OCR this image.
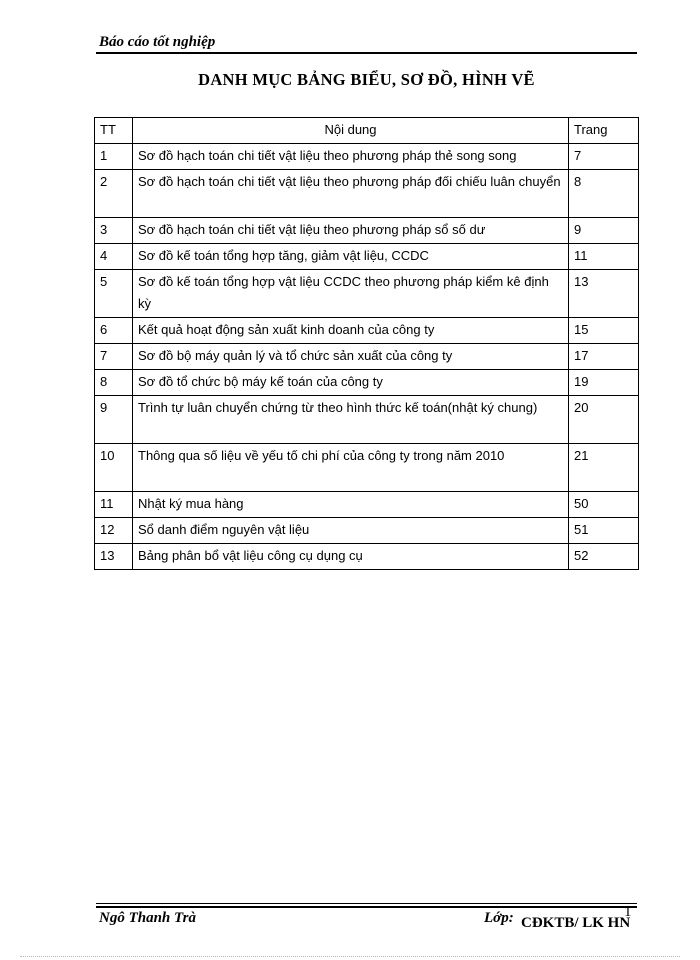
Báo cáo tốt nghiệp
DANH MỤC BẢNG BIỂU, SƠ ĐỒ, HÌNH VẼ
TT	Nội dung	Trang
1	Sơ đồ hạch toán chi tiết vật liệu theo phương pháp thẻ song song	7
2	Sơ đồ hạch toán chi tiết vật liệu theo phương pháp đối chiếu luân chuyển	8
3	Sơ đồ hạch toán chi tiết vật liệu theo phương pháp sổ số dư	9
4	Sơ đồ kế toán tổng hợp tăng, giảm vật liệu, CCDC	11
5	Sơ đồ kế toán tổng hợp vật liệu CCDC theo phương pháp kiểm kê định kỳ	13
6	Kết quả hoạt động sản xuất kinh doanh của công ty	15
7	Sơ đồ bộ máy quản lý và tổ chức sản xuất của công ty	17
8	Sơ đồ tổ chức bộ máy kế toán của công ty	19
9	Trình tự luân chuyển chứng từ theo hình thức kế toán(nhật ký chung)	20
10	Thông qua số liệu về yếu tố chi phí của công ty trong năm 2010	21
11	Nhật ký mua hàng	50
12	Sổ danh điểm nguyên vật liệu	51
13	Bảng phân bổ vật liệu công cụ dụng cụ	52
Ngô Thanh Trà	Lớp: CĐKTB/ LK HN
1
